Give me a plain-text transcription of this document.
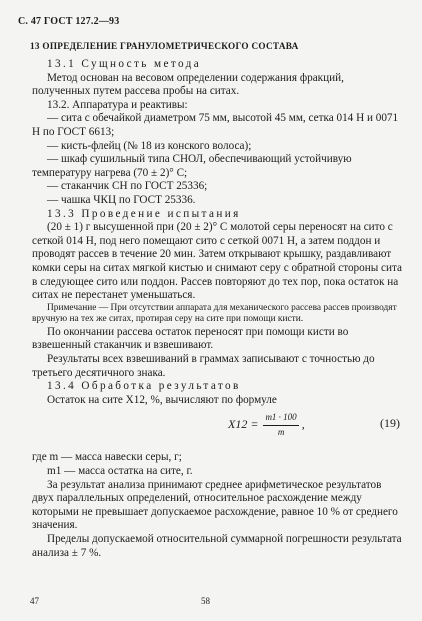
С. 47 ГОСТ 127.2—93
13 ОПРЕДЕЛЕНИЕ ГРАНУЛОМЕТРИЧЕСКОГО СОСТАВА

13.1 Сущность метода

Метод основан на весовом определении содержания фракций, полученных путем рассева пробы на ситах.

13.2. Аппаратура и реактивы:

— сита с обечайкой диаметром 75 мм, высотой 45 мм, сетка 014 Н и 0071 Н по ГОСТ 6613;

— кисть-флейц (№ 18 из конского волоса);

— шкаф сушильный типа СНОЛ, обеспечивающий устойчивую температуру нагрева (70 ± 2)° С;

— стаканчик СН по ГОСТ 25336;

— чашка ЧКЦ по ГОСТ 25336.

13.3 Проведение испытания

(20 ± 1) г высушенной при (20 ± 2)° С молотой серы переносят на сито с сеткой 014 Н, под него помещают сито с сеткой 0071 Н, а затем поддон и проводят рассев в течение 20 мин. Затем открывают крышку, раздавливают комки серы на ситах мягкой кистью и снимают серу с обратной стороны сита в следующее сито или поддон. Рассев повторяют до тех пор, пока остаток на ситах не перестанет уменьшаться.

Примечание — При отсутствии аппарата для механического рассева рассев производят вручную на тех же ситах, протирая серу на сите при помощи кисти.

По окончании рассева остаток переносят при помощи кисти во взвешенный стаканчик и взвешивают.

Результаты всех взвешиваний в граммах записывают с точностью до третьего десятичного знака.

13.4 Обработка результатов

Остаток на сите X12, %, вычисляют по формуле

$X12 = \frac{m1 \cdot 100}{m}$ ,	(19)

где m — масса навески серы, г;

m1 — масса остатка на сите, г.

За результат анализа принимают среднее арифметическое результатов двух параллельных определений, относительное расхождение между которыми не превышает допускаемое расхождение, равное 10 % от среднего значения.

Пределы допускаемой относительной суммарной погрешности результата анализа ± 7 %.

47	58
